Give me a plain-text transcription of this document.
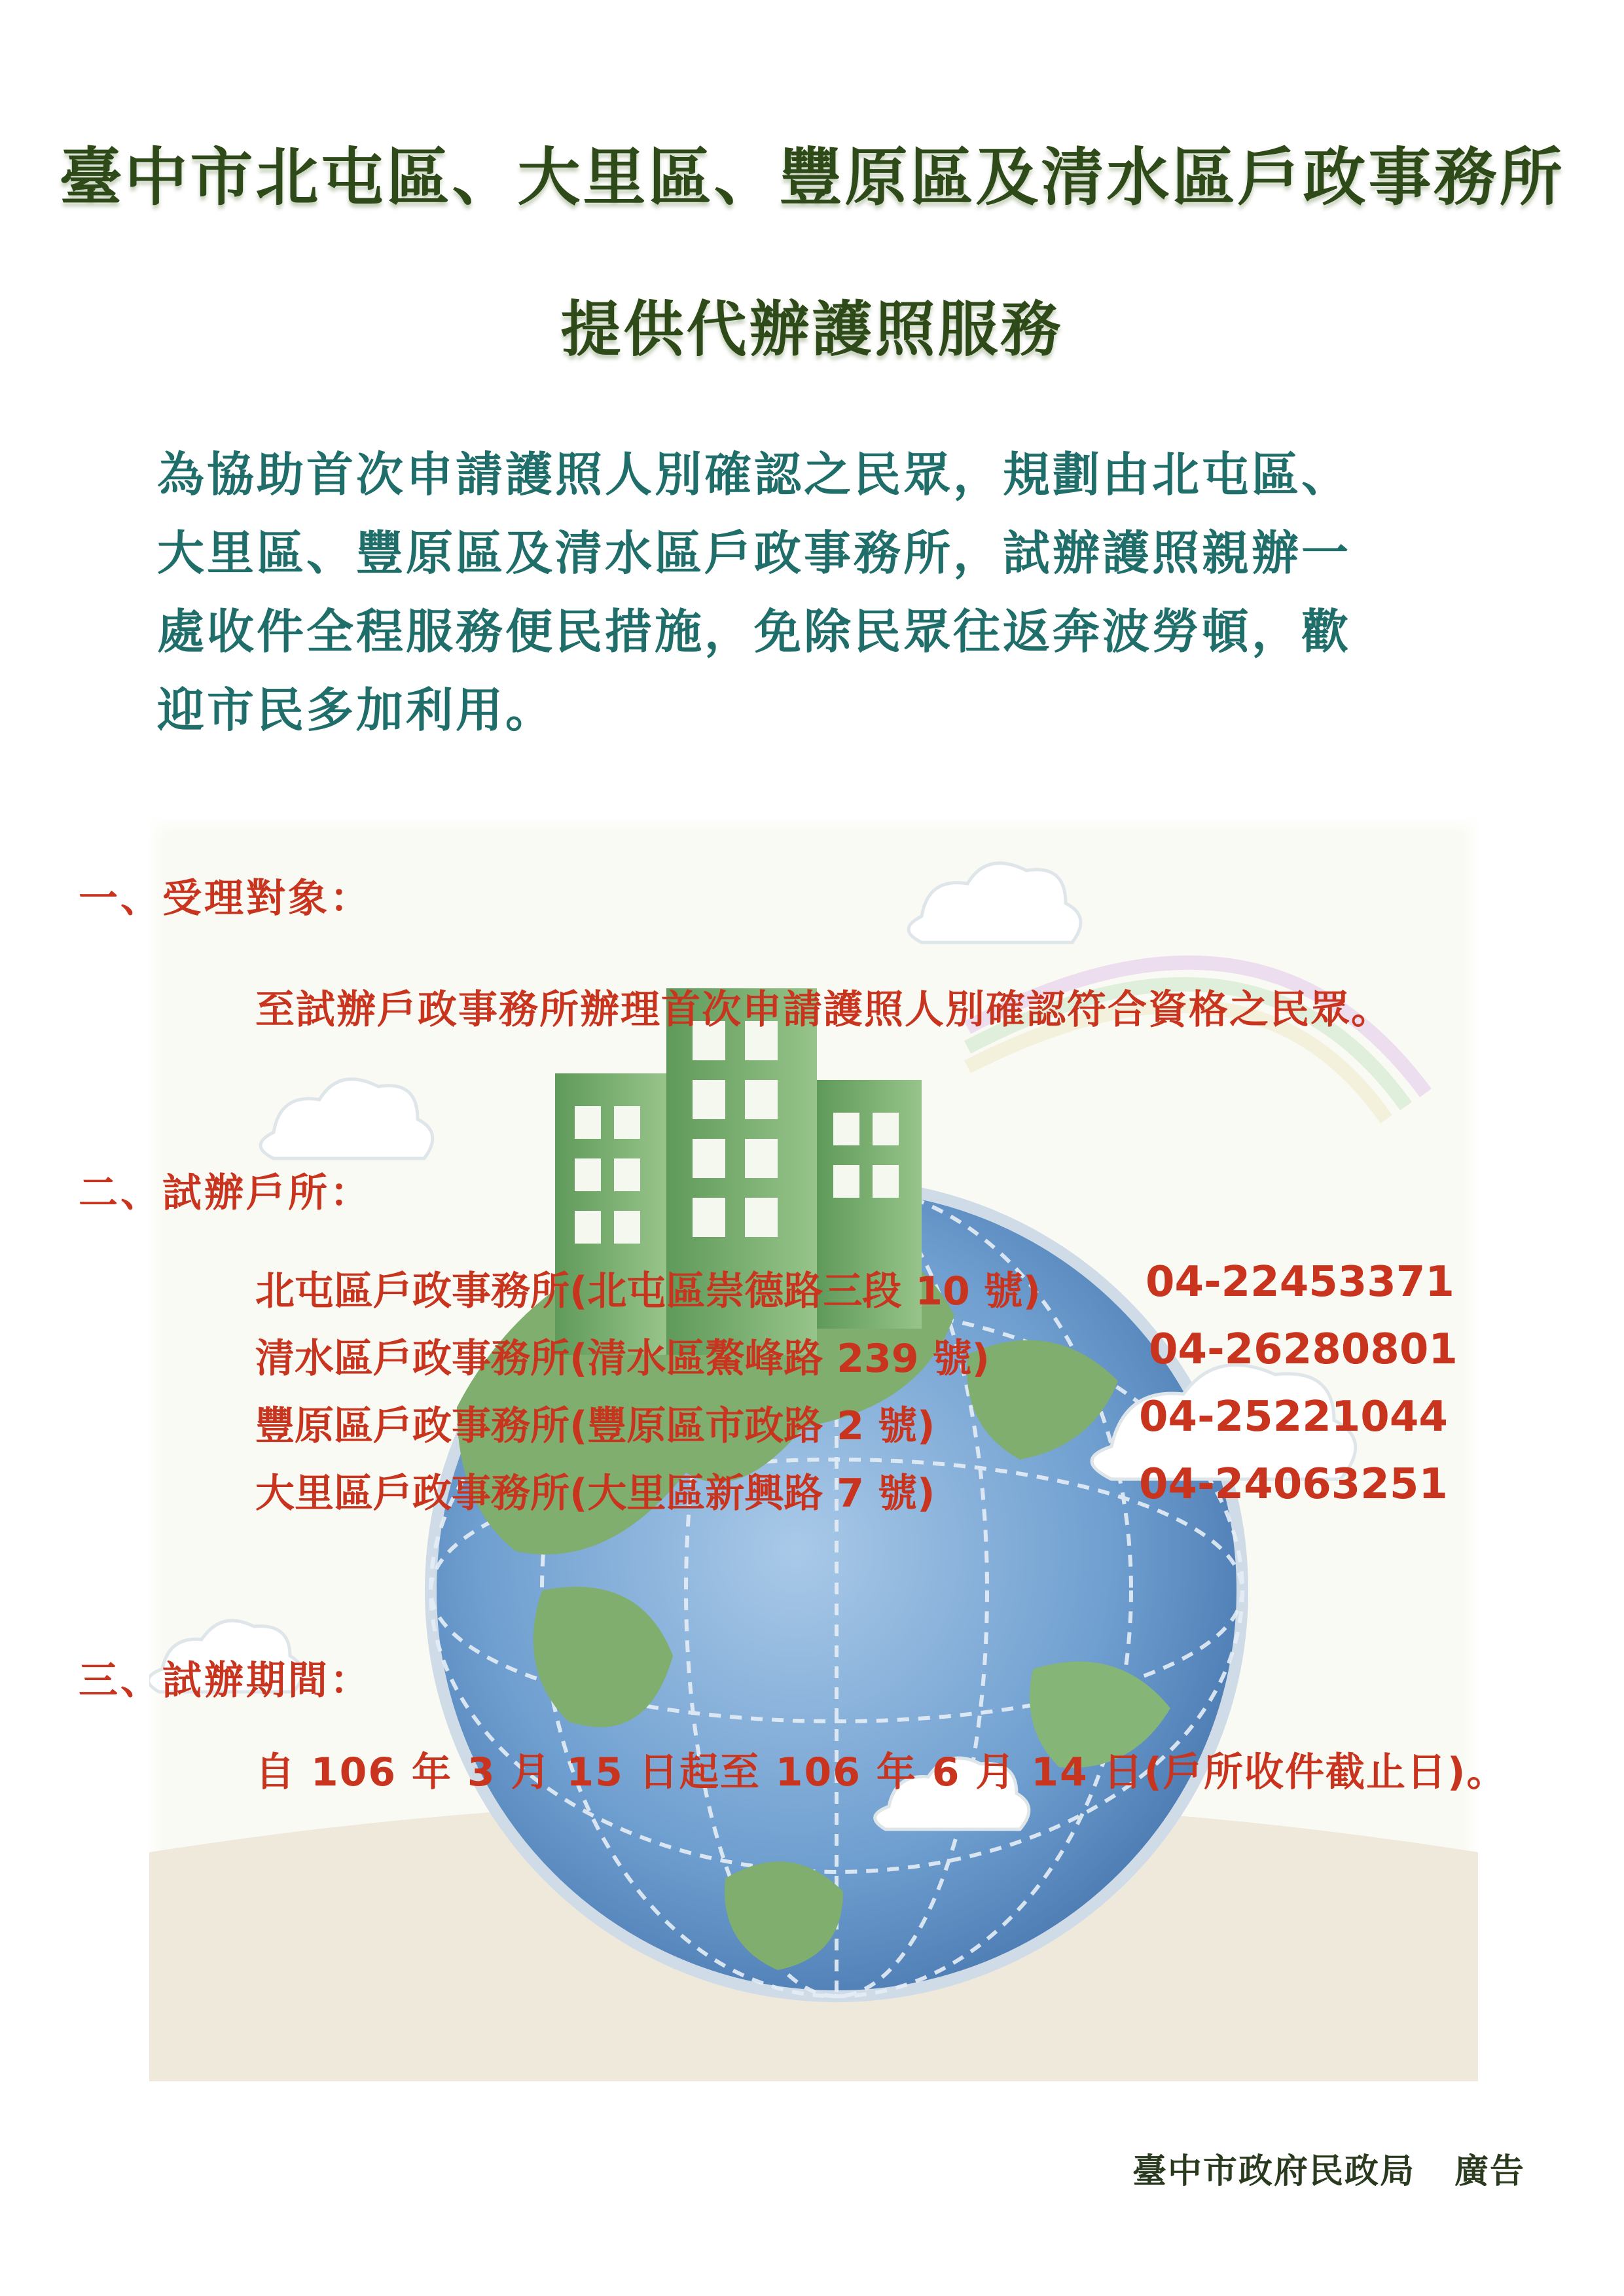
臺中市北屯區、大里區、豐原區及清水區戶政事務所
提供代辦護照服務
為協助首次申請護照人別確認之民眾，規劃由北屯區、
大里區、豐原區及清水區戶政事務所，試辦護照親辦一
處收件全程服務便民措施，免除民眾往返奔波勞頓，歡
迎市民多加利用。
一、受理對象：
至試辦戶政事務所辦理首次申請護照人別確認符合資格之民眾。
二、試辦戶所：
北屯區戶政事務所(北屯區崇德路三段 10 號) 04-22453371
清水區戶政事務所(清水區鰲峰路 239 號)	04-26280801
豐原區戶政事務所(豐原區市政路 2 號)	04-25221044
大里區戶政事務所(大里區新興路 7 號)	04-24063251
三、試辦期間：
自 106 年 3 月 15 日起至 106 年 6 月 14 日(戶所收件截止日)。
臺中市政府民政局 廣告
